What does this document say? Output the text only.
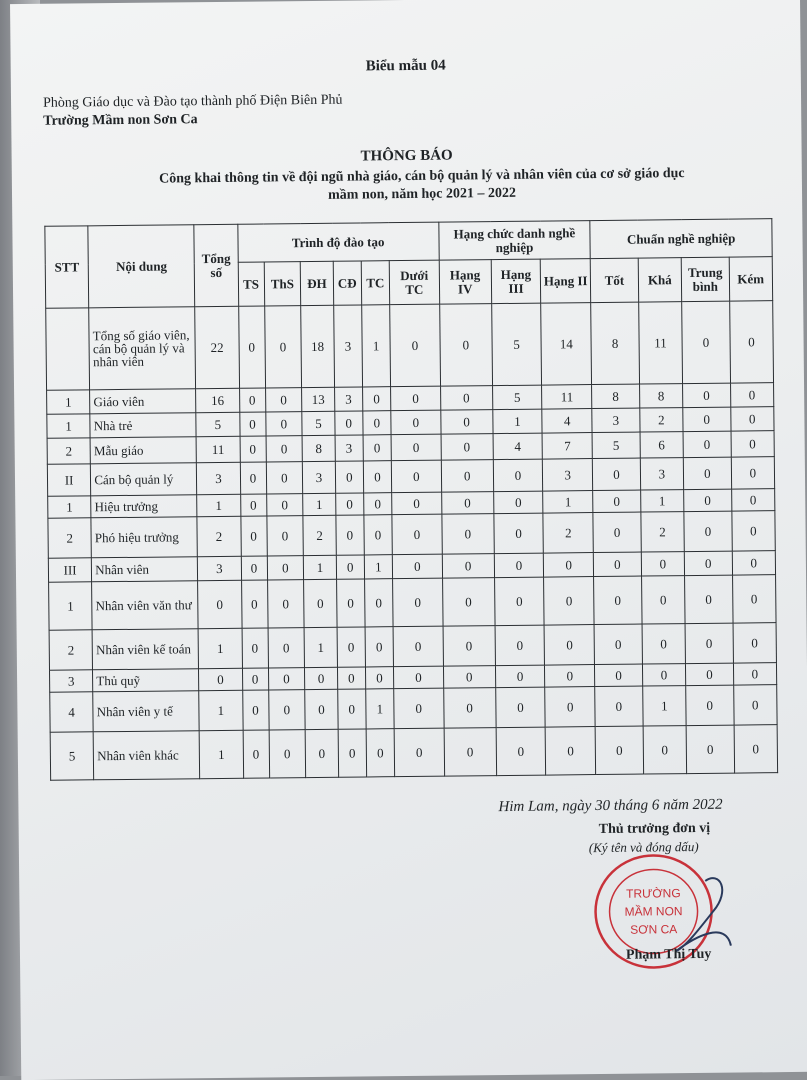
Biểu mẫu 04
Phòng Giáo dục và Đào tạo thành phố Điện Biên Phủ
Trường Mầm non Sơn Ca
THÔNG BÁO
Công khai thông tin về đội ngũ nhà giáo, cán bộ quản lý và nhân viên của cơ sở giáo dục
mầm non, năm học 2021 – 2022
STT	Nội dung	Tổng số	Trình độ đào tạo						Hạng chức danh nghề nghiệp			Chuẩn nghề nghiệp			
			TS	ThS	ĐH	CĐ	TC	Dưới TC	Hạng IV	Hạng III	Hạng II	Tốt	Khá	Trung bình	Kém
	Tổng số giáo viên, cán bộ quản lý và nhân viên	22	0	0	18	3	1	0	0	5	14	8	11	0	0
1	Giáo viên	16	0	0	13	3	0	0	0	5	11	8	8	0	0
1	Nhà trẻ	5	0	0	5	0	0	0	0	1	4	3	2	0	0
2	Mẫu giáo	11	0	0	8	3	0	0	0	4	7	5	6	0	0
II	Cán bộ quản lý	3	0	0	3	0	0	0	0	0	3	0	3	0	0
1	Hiệu trưởng	1	0	0	1	0	0	0	0	0	1	0	1	0	0
2	Phó hiệu trưởng	2	0	0	2	0	0	0	0	0	2	0	2	0	0
III	Nhân viên	3	0	0	1	0	1	0	0	0	0	0	0	0	0
1	Nhân viên văn thư	0	0	0	0	0	0	0	0	0	0	0	0	0	0
2	Nhân viên kế toán	1	0	0	1	0	0	0	0	0	0	0	0	0	0
3	Thủ quỹ	0	0	0	0	0	0	0	0	0	0	0	0	0	0
4	Nhân viên y tế	1	0	0	0	0	1	0	0	0	0	0	1	0	0
5	Nhân viên khác	1	0	0	0	0	0	0	0	0	0	0	0	0	0
Him Lam, ngày 30 tháng 6 năm 2022
Thủ trưởng đơn vị
(Ký tên và đóng dấu)
TRƯỜNG
MẦM NON
SƠN CA
Phạm Thị Tuy
